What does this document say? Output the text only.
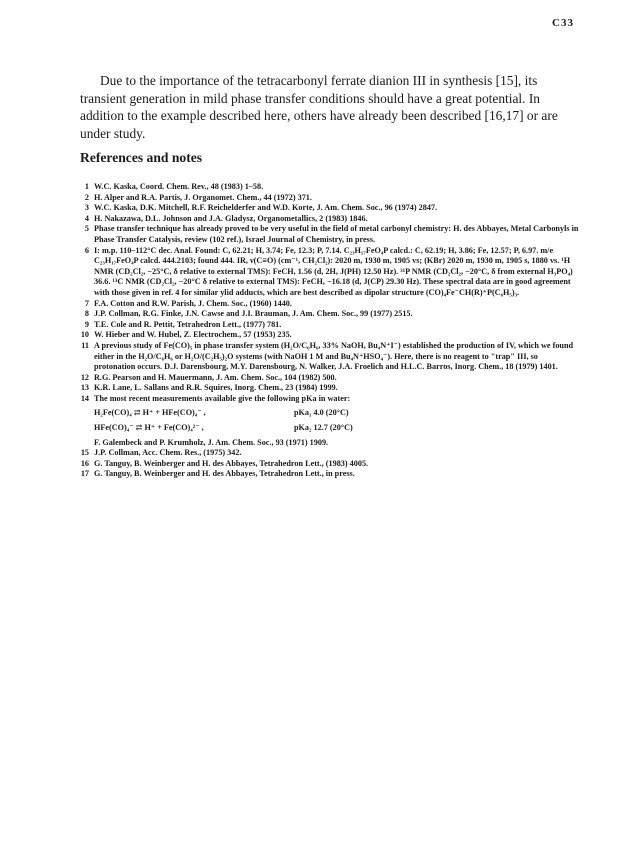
C33

Due to the importance of the tetracarbonyl ferrate dianion III in synthesis [15], its transient generation in mild phase transfer conditions should have a great potential. In addition to the example described here, others have already been described [16,17] or are under study.

References and notes
1 W.C. Kaska, Coord. Chem. Rev., 48 (1983) 1–58.
2 H. Alper and R.A. Partis, J. Organomet. Chem., 44 (1972) 371.
3 W.C. Kaska, D.K. Mitchell, R.F. Reichelderfer and W.D. Korte, J. Am. Chem. Soc., 96 (1974) 2847.
4 H. Nakazawa, D.L. Johnson and J.A. Gladysz, Organometallics, 2 (1983) 1846.
5 Phase transfer technique has already proved to be very useful in the field of metal carbonyl chemistry: H. des Abbayes, Metal Carbonyls in Phase Transfer Catalysis, review (102 ref.), Israel Journal of Chemistry, in press.
6 I: m.p. 110–112°C dec. Anal. Found: C, 62.21; H, 3.74; Fe, 12.3; P, 7.14. C₂₃H₁₇FeO₄P calcd.: C, 62.19; H, 3.86; Fe, 12.57; P, 6.97. m/e C₂₃H₁₇FeO₄P calcd. 444.2103; found 444. IR, ν(C≡O) (cm⁻¹, CH₂Cl₂): 2020 m, 1930 m, 1905 vs; (KBr) 2020 m, 1930 m, 1905 s, 1880 vs. ¹H NMR (CD₂Cl₂, −25°C, δ relative to external TMS): FeCH, 1.56 (d, 2H, J(PH) 12.50 Hz). ³¹P NMR (CD₂Cl₂, −20°C, δ from external H₃PO₄) 36.6. ¹³C NMR (CD₂Cl₂, −20°C δ relative to external TMS): FeCH, −16.18 (d, J(CP) 29.30 Hz). These spectral data are in good agreement with those given in ref. 4 for similar ylid adducts, which are best described as dipolar structure (CO)₄Fe⁻CH(R)⁺P(C₆H₅)₃.
7 F.A. Cotton and R.W. Parish, J. Chem. Soc., (1960) 1440.
8 J.P. Collman, R.G. Finke, J.N. Cawse and J.I. Brauman, J. Am. Chem. Soc., 99 (1977) 2515.
9 T.E. Cole and R. Pettit, Tetrahedron Lett., (1977) 781.
10 W. Hieber and W. Hubel, Z. Electrochem., 57 (1953) 235.
11 A previous study of Fe(CO)₅ in phase transfer system (H₂O/C₆H₆, 33% NaOH, Bu₄N⁺I⁻) established the production of IV, which we found either in the H₂O/C₆H₆ or H₂O/(C₂H₅)₂O systems (with NaOH 1 M and Bu₄N⁺HSO₄⁻). Here, there is no reagent to "trap" III, so protonation occurs. D.J. Darensbourg, M.Y. Darensbourg, N. Walker, J.A. Froelich and H.L.C. Barros, Inorg. Chem., 18 (1979) 1401.
12 R.G. Pearson and H. Mauermann, J. Am. Chem. Soc., 104 (1982) 500.
13 K.R. Lane, L. Sallans and R.R. Squires, Inorg. Chem., 23 (1984) 1999.
14 The most recent measurements available give the following pKa in water:
H₂Fe(CO)₄ ⇄ H⁺ + HFe(CO)₄⁻ ,	pKa₁ 4.0 (20°C)
HFe(CO)₄⁻ ⇄ H⁺ + Fe(CO)₄²⁻ ,	pKa₂ 12.7 (20°C)
F. Galembeck and P. Krumholz, J. Am. Chem. Soc., 93 (1971) 1909.
15 J.P. Collman, Acc. Chem. Res., (1975) 342.
16 G. Tanguy, B. Weinberger and H. des Abbayes, Tetrahedron Lett., (1983) 4005.
17 G. Tanguy, B. Weinberger and H. des Abbayes, Tetrahedron Lett., in press.
